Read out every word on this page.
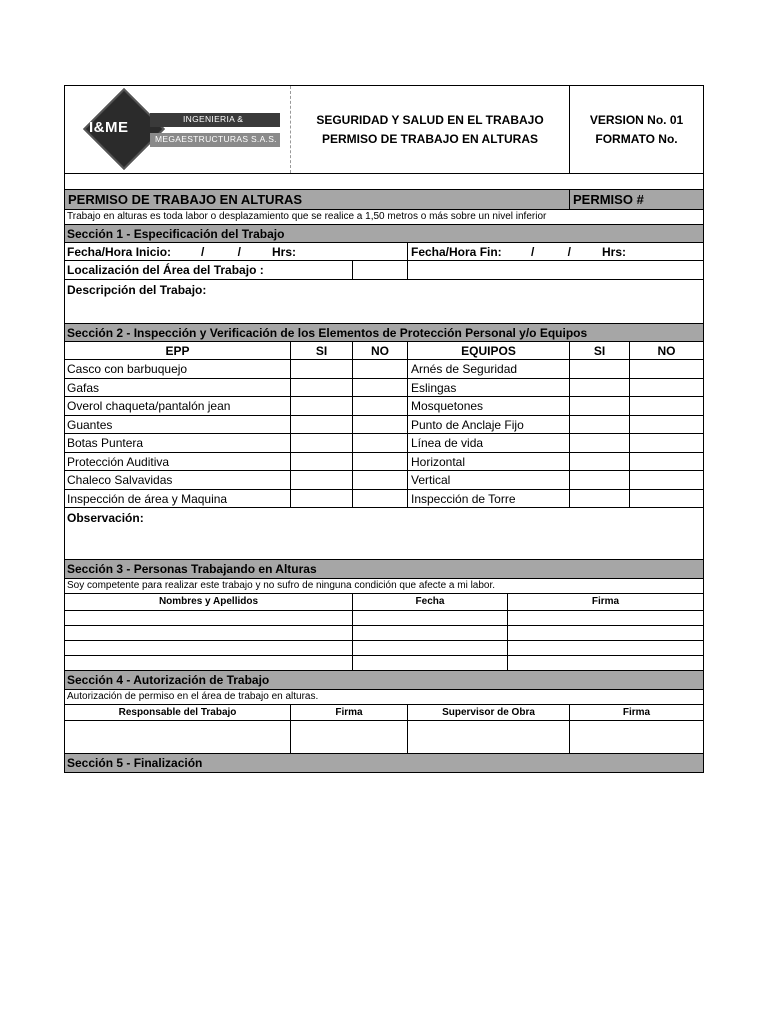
I&ME	INGENIERIA &
MEGAESTRUCTURAS S.A.S.
SEGURIDAD Y SALUD EN EL TRABAJO
PERMISO DE TRABAJO EN ALTURAS
VERSION No. 01
FORMATO No.
PERMISO DE TRABAJO EN ALTURAS	PERMISO #
Trabajo en alturas es toda labor o desplazamiento que se realice a 1,50 metros o más sobre un nivel inferior
Sección 1 - Especificación del Trabajo
Fecha/Hora Inicio: /          /	Hrs:	Fecha/Hora Fin: /          /	Hrs:
Localización del Área del Trabajo :
Descripción del Trabajo:
Sección 2 - Inspección y Verificación de los Elementos de Protección Personal y/o Equipos
EPP	SI	NO	EQUIPOS	SI	NO
Casco con barbuquejo	Arnés de Seguridad
Gafas	Eslingas
Overol chaqueta/pantalón jean	Mosquetones
Guantes	Punto de Anclaje Fijo
Botas Puntera	Línea de vida
Protección Auditiva	Horizontal
Chaleco Salvavidas	Vertical
Inspección de área y Maquina	Inspección de Torre
Observación:
Sección 3 - Personas Trabajando en Alturas
Soy competente para realizar este trabajo y no sufro de ninguna condición que afecte a mi labor.
Nombres y Apellidos	Fecha	Firma
Sección 4 - Autorización de Trabajo
Autorización de permiso en el área de trabajo en alturas.
Responsable del Trabajo	Firma	Supervisor de Obra	Firma
Sección 5 - Finalización
